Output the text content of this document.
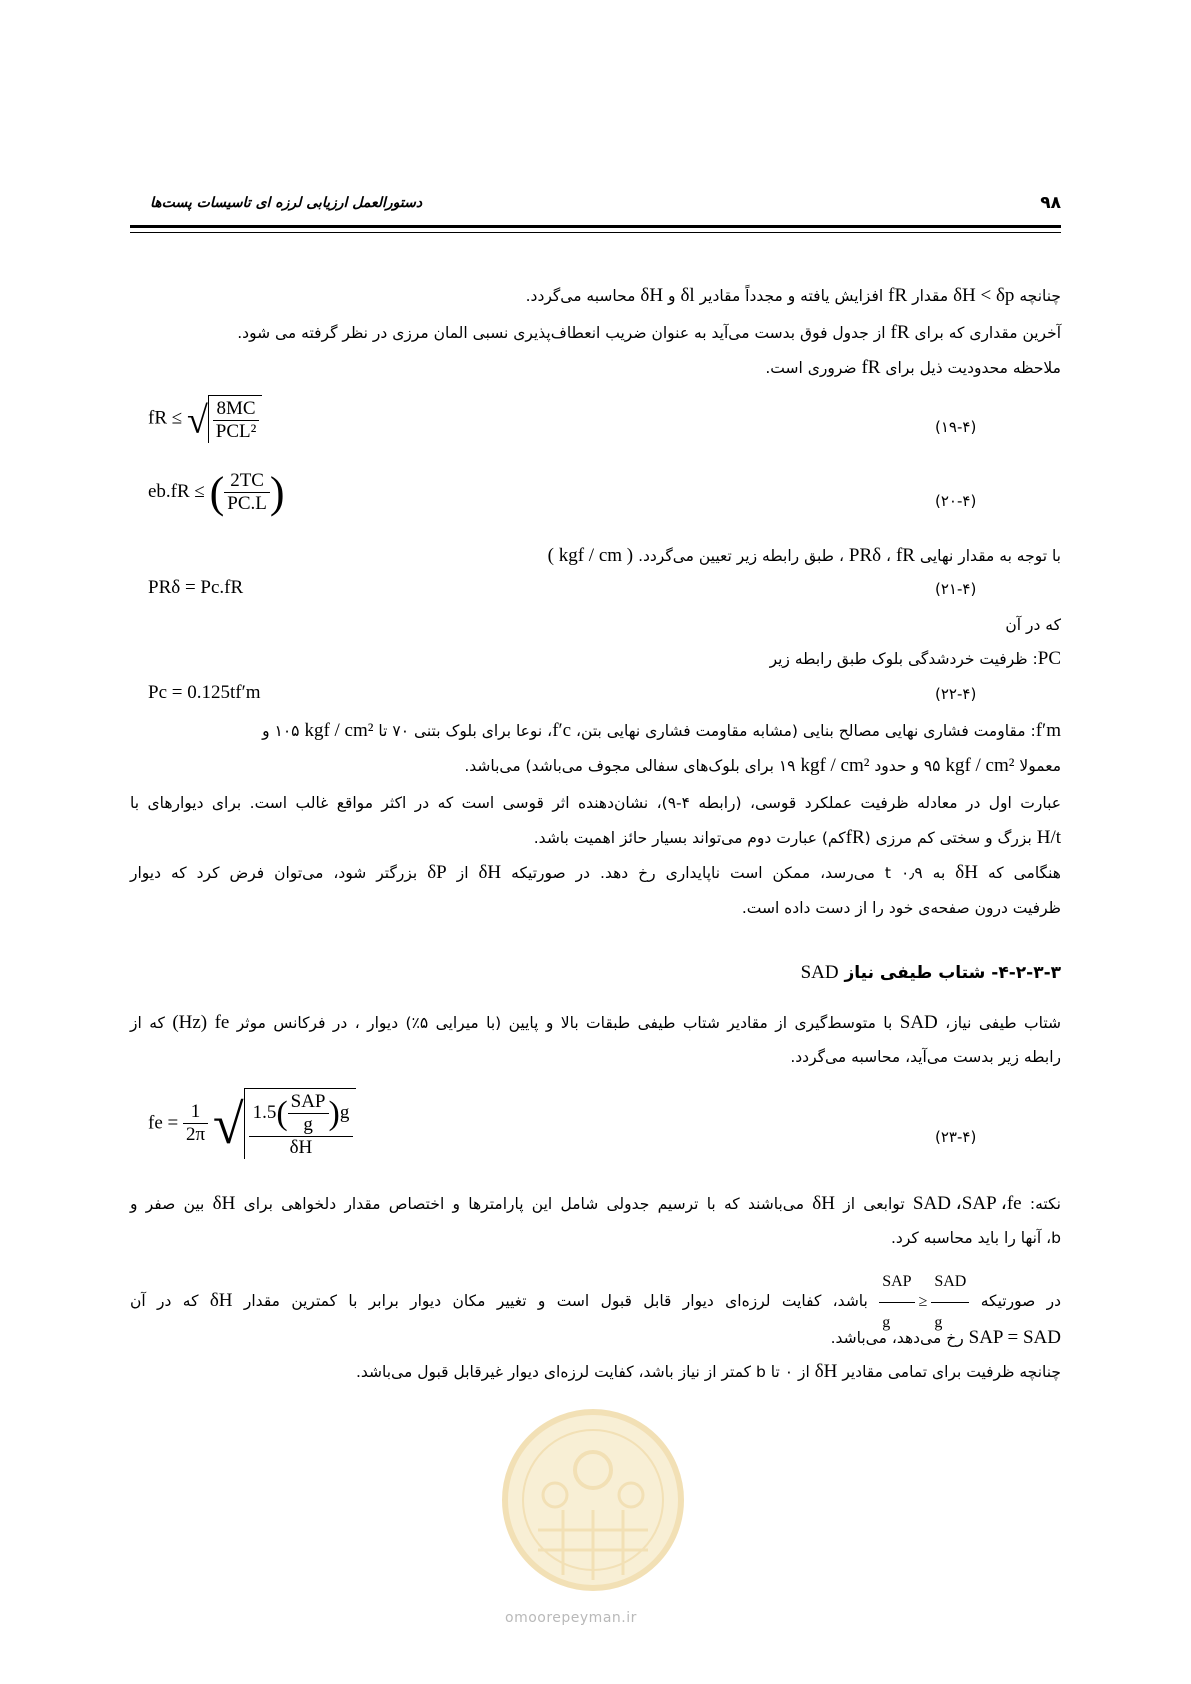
۹۸
دستورالعمل ارزیابی لرزه ای تاسیسات پست‌ها
چنانچه δH < δp مقدار fR افزایش یافته و مجدداً مقادیر δl و δH محاسبه می‌گردد.
آخرین مقداری که برای fR از جدول فوق بدست می‌آید به عنوان ضریب انعطاف‌پذیری نسبی المان مرزی در نظر گرفته می شود.
ملاحظه محدودیت ذیل برای fR ضروری است.
fR ≤ √ $\frac{8MC}{\text{PCL²}}$	(۱۹-۴)
eb.fR ≤ ( $\frac{2TC}{PC.L}$ )	(۲۰-۴)
با توجه به مقدار نهایی fR ، PRδ ، طبق رابطه زیر تعیین می‌گردد. ( kgf / cm )
PRδ = Pc.fR	(۲۱-۴)
که در آن
PC: ظرفیت خردشدگی بلوک طبق رابطه زیر
Pc = 0.125tf′m	(۲۲-۴)
f′m: مقاومت فشاری نهایی مصالح بنایی (مشابه مقاومت فشاری نهایی بتن، f′c، نوعا برای بلوک بتنی ۷۰ تا kgf / cm² ۱۰۵ و
معمولا kgf / cm² ۹۵ و حدود kgf / cm² ۱۹ برای بلوک‌های سفالی مجوف می‌باشد) می‌باشد.
عبارت اول در معادله ظرفیت عملکرد قوسی، (رابطه ۴-۹)، نشان‌دهنده اثر قوسی است که در اکثر مواقع غالب است. برای دیوارهای با
H/t بزرگ و سختی کم مرزی (fRکم) عبارت دوم می‌تواند بسیار حائز اهمیت باشد.
هنگامی که δH به ۰٫۹ t می‌رسد، ممکن است ناپایداری رخ دهد. در صورتیکه δH از δP بزرگتر شود، می‌توان فرض کرد که دیوار
ظرفیت درون صفحه‌ی خود را از دست داده است.
۴-۲-۳-۳- شتاب طیفی نیاز SAD
شتاب طیفی نیاز، SAD با متوسط‌گیری از مقادیر شتاب طیفی طبقات بالا و پایین (با میرایی ۵٪) دیوار ، در فرکانس موثر fe (Hz) که از
رابطه زیر بدست می‌آید، محاسبه می‌گردد.
fe = $\frac{1}{2\pi}$ √ $\frac{1.5( \frac{\text{SAP}}{g} )g}{\delta H}$	(۲۳-۴)
نکته: SAD ،SAP ،fe توابعی از δH می‌باشند که با ترسیم جدولی شامل این پارامترها و اختصاص مقدار دلخواهی برای δH بین صفر و
b، آنها را باید محاسبه کرد.
در صورتیکه
$\frac{\text{SAP}}{g} \ge \frac{\text{SAD}}{g}$
باشد، کفایت لرزه‌ای دیوار قابل قبول است و تغییر مکان دیوار برابر با کمترین مقدار δH که در آن
SAP = SAD رخ می‌دهد، می‌باشد.
چنانچه ظرفیت برای تمامی مقادیر δH از ۰ تا b کمتر از نیاز باشد، کفایت لرزه‌ای دیوار غیرقابل قبول می‌باشد.
omoorepeyman.ir
